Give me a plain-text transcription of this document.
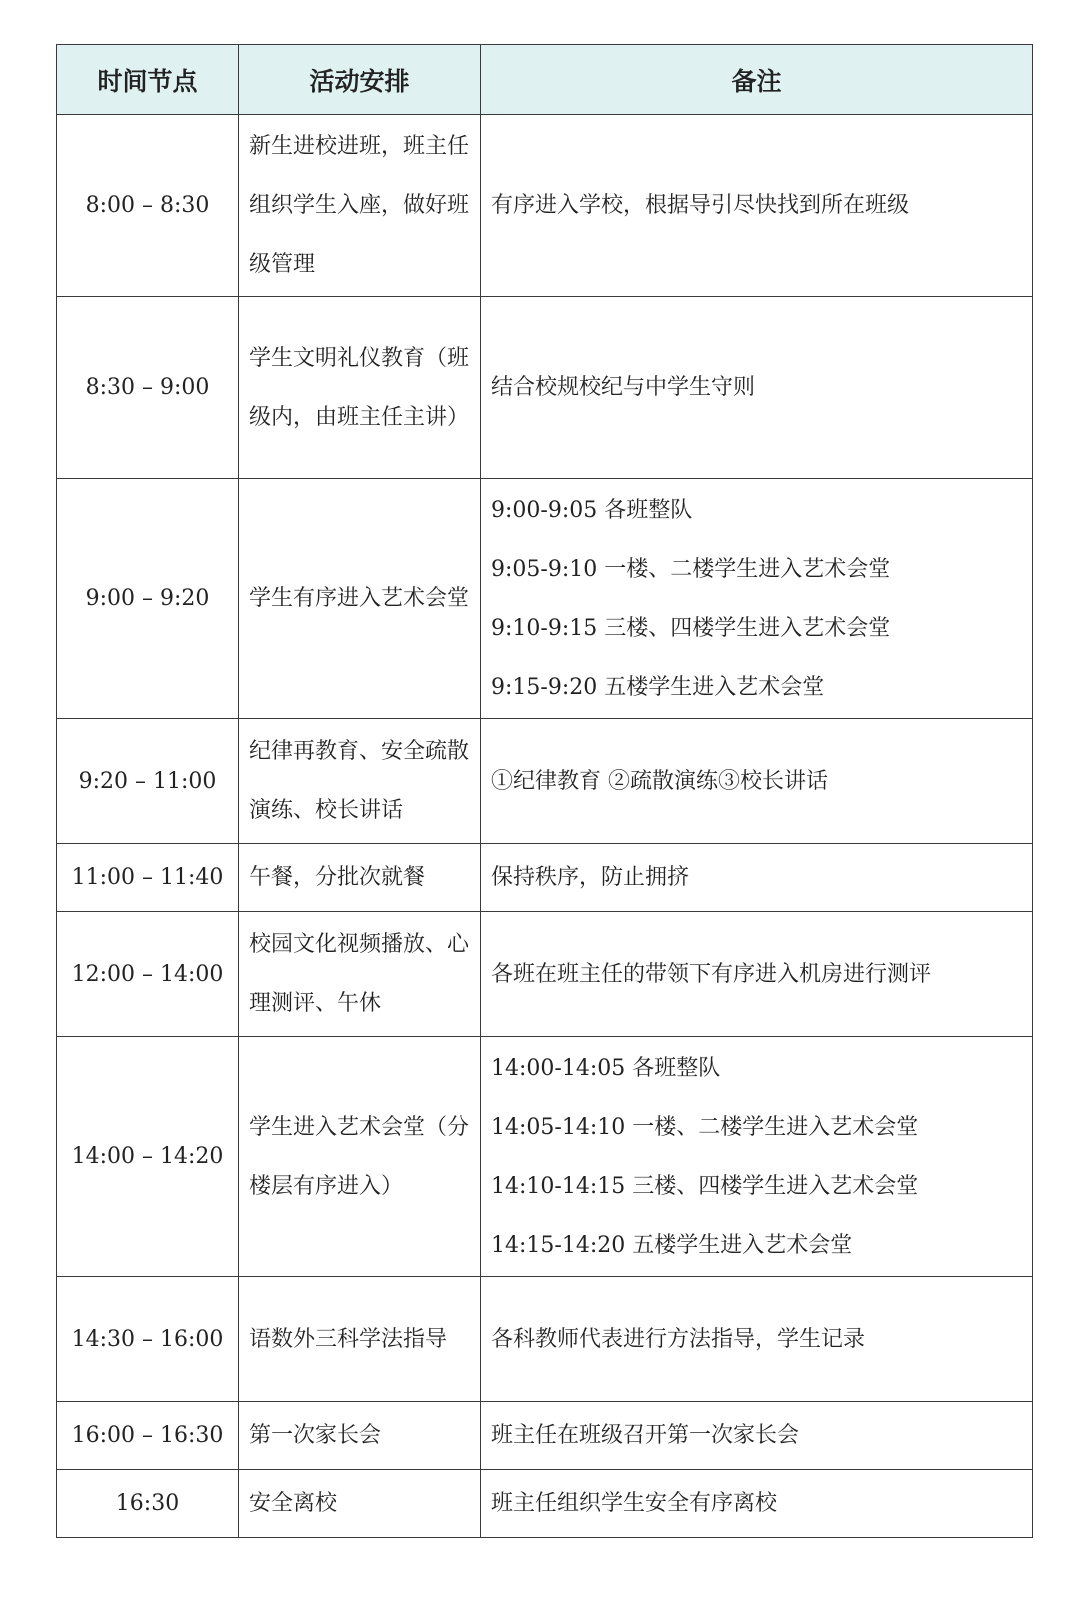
时间节点	活动安排	备注
8:00 – 8:30	新生进校进班，班主任组织学生入座，做好班级管理	有序进入学校，根据导引尽快找到所在班级

8:30 – 9:00	学生文明礼仪教育（班级内，由班主任主讲）	结合校规校纪与中学生守则

9:00 – 9:20	学生有序进入艺术会堂	9:00-9:05 各班整队
9:05-9:10 一楼、二楼学生进入艺术会堂
9:10-9:15 三楼、四楼学生进入艺术会堂
9:15-9:20 五楼学生进入艺术会堂

9:20 – 11:00	纪律再教育、安全疏散演练、校长讲话	①纪律教育 ②疏散演练③校长讲话

11:00 – 11:40	午餐，分批次就餐	保持秩序，防止拥挤

12:00 – 14:00	校园文化视频播放、心理测评、午休	各班在班主任的带领下有序进入机房进行测评

14:00 – 14:20	学生进入艺术会堂（分楼层有序进入）	14:00-14:05 各班整队
14:05-14:10 一楼、二楼学生进入艺术会堂
14:10-14:15 三楼、四楼学生进入艺术会堂
14:15-14:20 五楼学生进入艺术会堂

14:30 – 16:00	语数外三科学法指导	各科教师代表进行方法指导，学生记录

16:00 – 16:30	第一次家长会	班主任在班级召开第一次家长会

16:30	安全离校	班主任组织学生安全有序离校
